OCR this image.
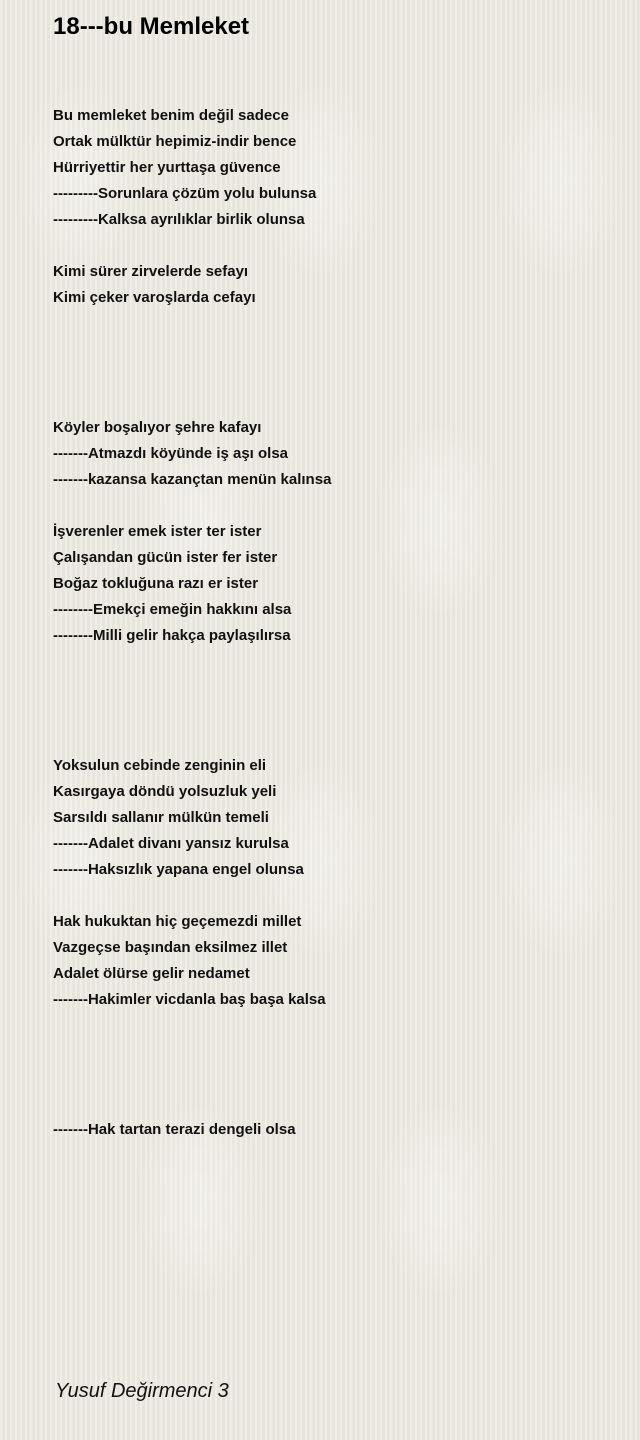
18---bu Memleket
Bu memleket benim değil sadece
Ortak mülktür hepimiz-indir bence
Hürriyettir her yurttaşa güvence
---------Sorunlara çözüm yolu bulunsa
---------Kalksa ayrılıklar birlik olunsa
Kimi sürer zirvelerde sefayı
Kimi çeker varoşlarda cefayı
Köyler boşalıyor şehre kafayı
-------Atmazdı köyünde iş aşı olsa
-------kazansa kazançtan menün kalınsa
İşverenler emek ister ter ister
Çalışandan gücün ister fer ister
Boğaz tokluğuna razı er ister
--------Emekçi emeğin hakkını alsa
--------Milli gelir hakça paylaşılırsa
Yoksulun cebinde zenginin eli
Kasırgaya döndü yolsuzluk yeli
Sarsıldı sallanır mülkün temeli
-------Adalet divanı yansız kurulsa
-------Haksızlık yapana engel olunsa
Hak hukuktan hiç geçemezdi millet
Vazgeçse başından eksilmez illet
Adalet ölürse gelir nedamet
-------Hakimler vicdanla baş başa kalsa
-------Hak tartan terazi dengeli olsa
Yusuf Değirmenci 3
